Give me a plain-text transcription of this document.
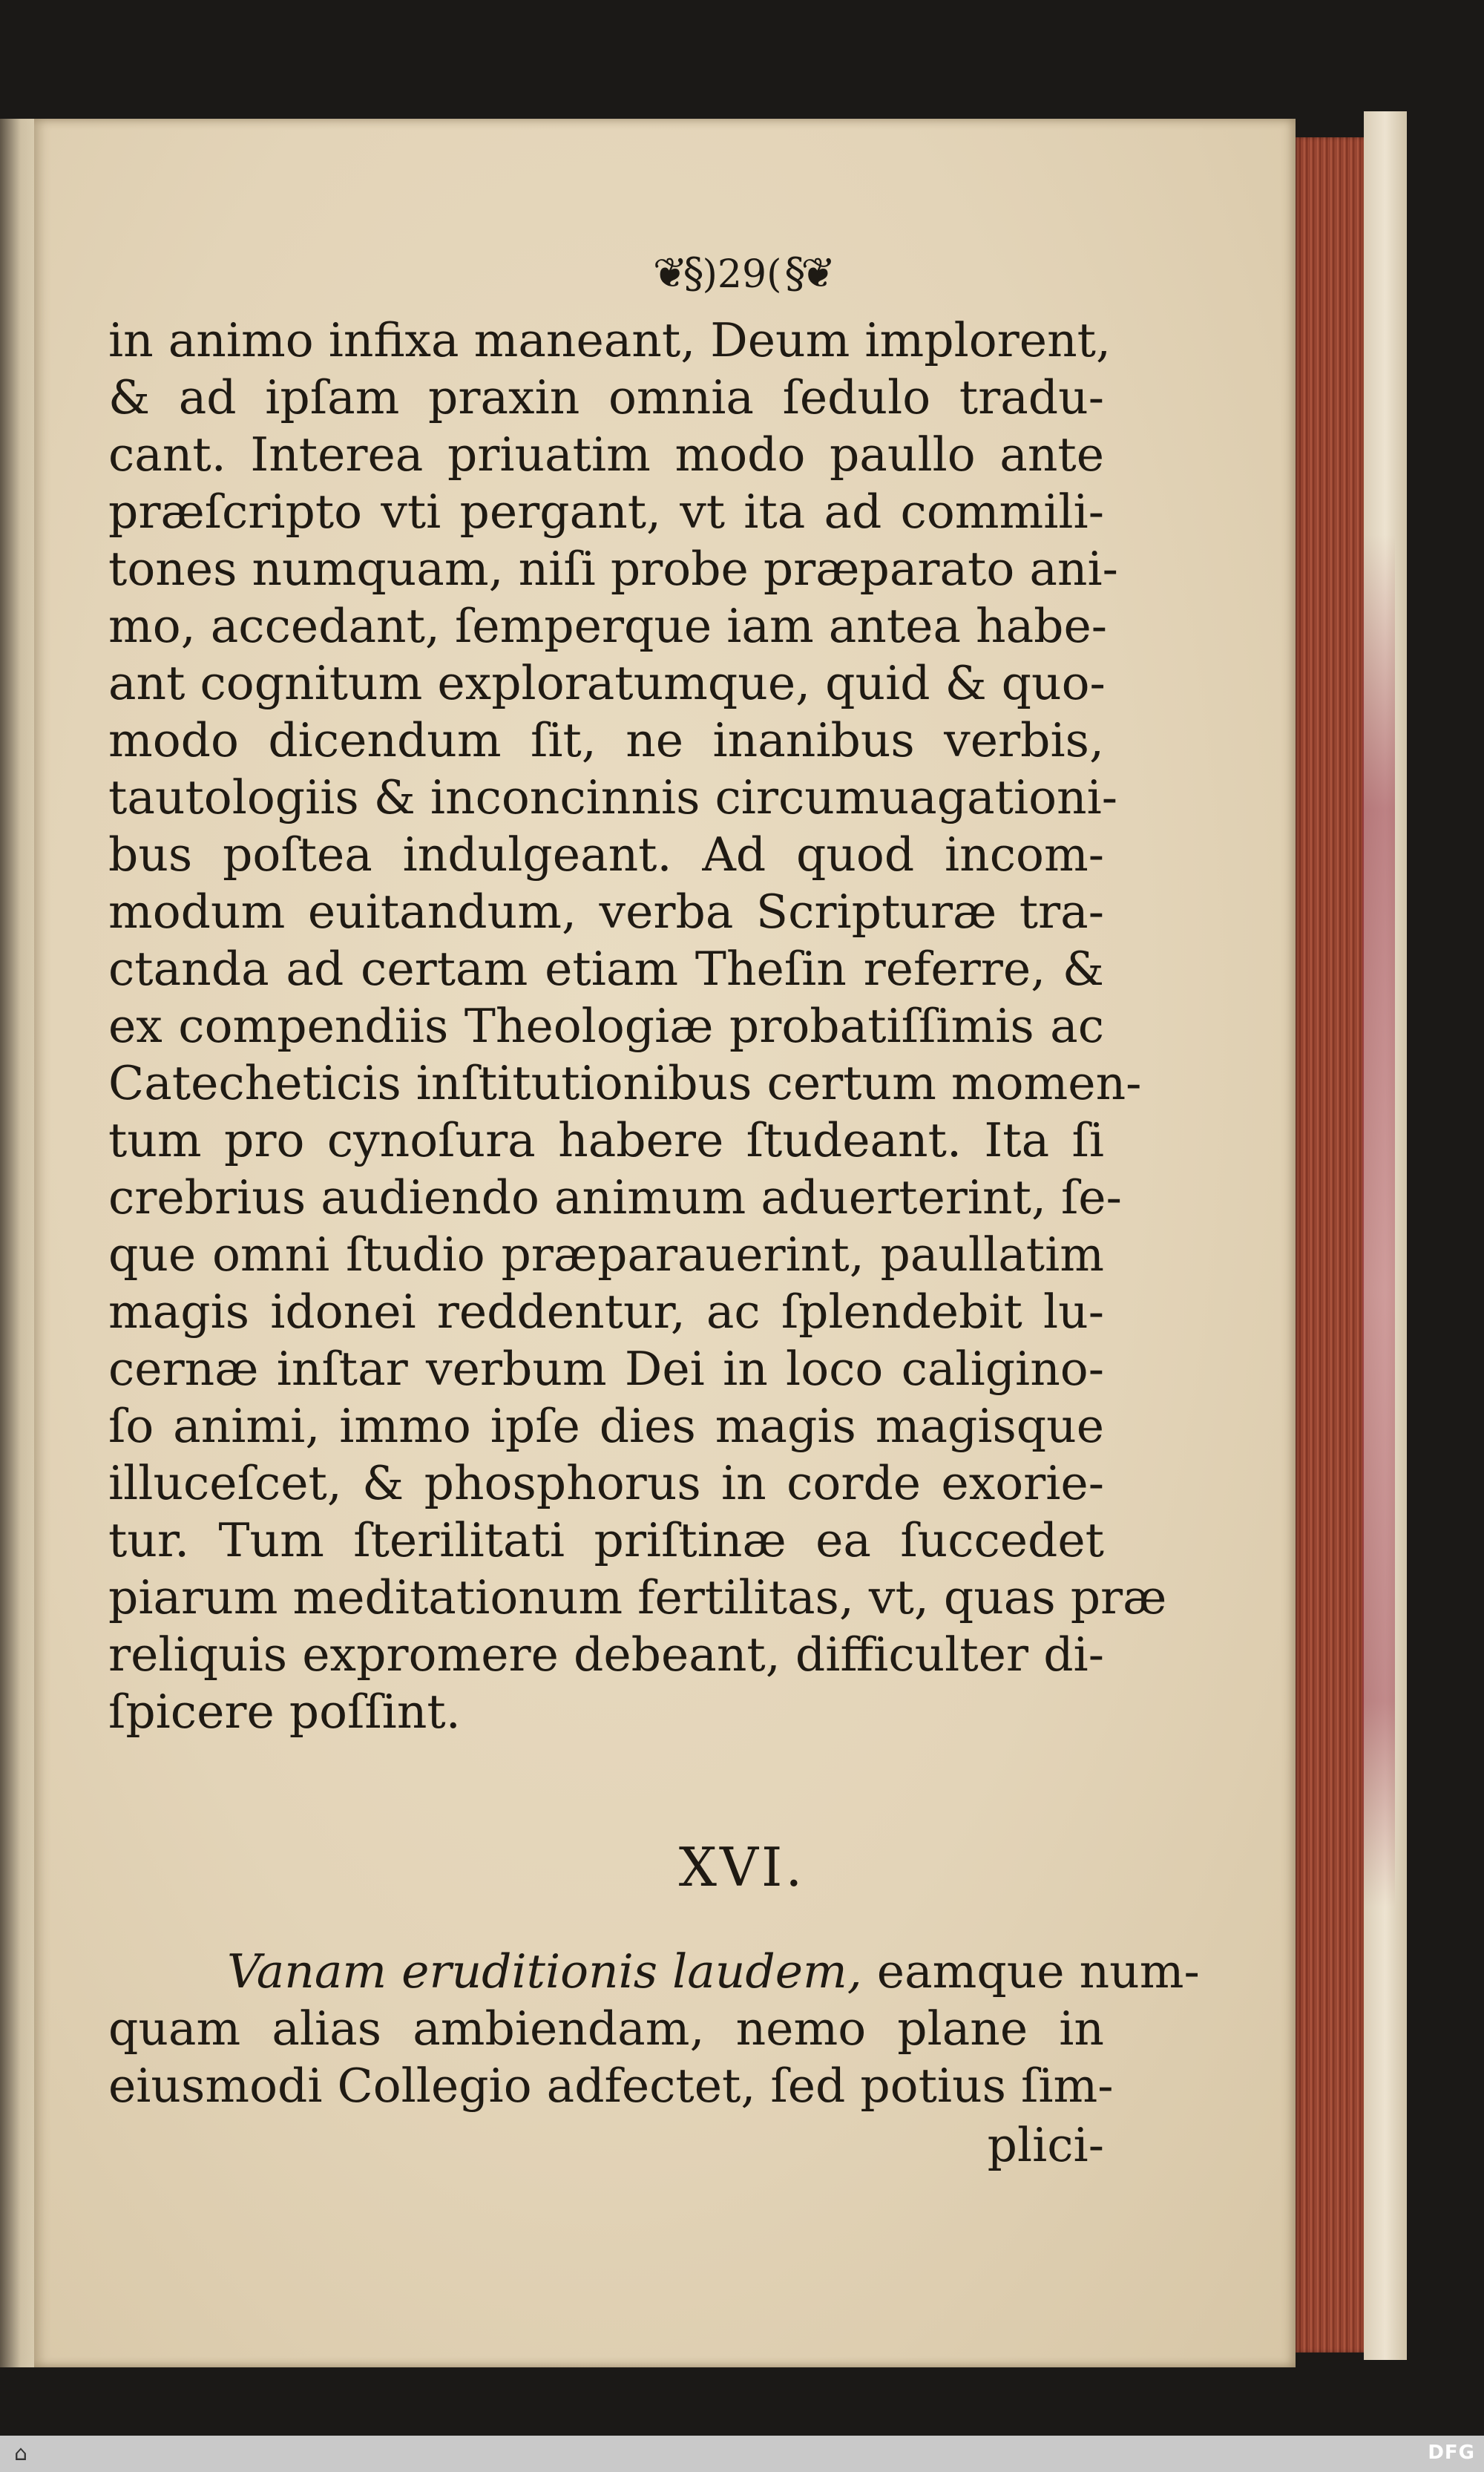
❦§)29(§❦
in animo infixa maneant, Deum implorent,
& ad ipſam praxin omnia ſedulo tradu-
cant. Interea priuatim modo paullo ante
præſcripto vti pergant, vt ita ad commili-
tones numquam, niſi probe præparato ani-
mo, accedant, ſemperque iam antea habe-
ant cognitum exploratumque, quid & quo-
modo dicendum ſit, ne inanibus verbis,
tautologiis & inconcinnis circumuagationi-
bus poſtea indulgeant. Ad quod incom-
modum euitandum, verba Scripturæ tra-
ctanda ad certam etiam Theſin referre, &
ex compendiis Theologiæ probatiſſimis ac
Catecheticis inſtitutionibus certum momen-
tum pro cynoſura habere ſtudeant. Ita ſi
crebrius audiendo animum aduerterint, ſe-
que omni ſtudio præparauerint, paullatim
magis idonei reddentur, ac ſplendebit lu-
cernæ inſtar verbum Dei in loco caligino-
ſo animi, immo ipſe dies magis magisque
illuceſcet, & phosphorus in corde exorie-
tur. Tum ſterilitati priſtinæ ea ſuccedet
piarum meditationum fertilitas, vt, quas præ
reliquis expromere debeant, difficulter di-
ſpicere poſſint.
XVI.
Vanam eruditionis laudem, eamque num-
quam alias ambiendam, nemo plane in
eiusmodi Collegio adfectet, ſed potius ſim-
plici-
⌂	DFG
